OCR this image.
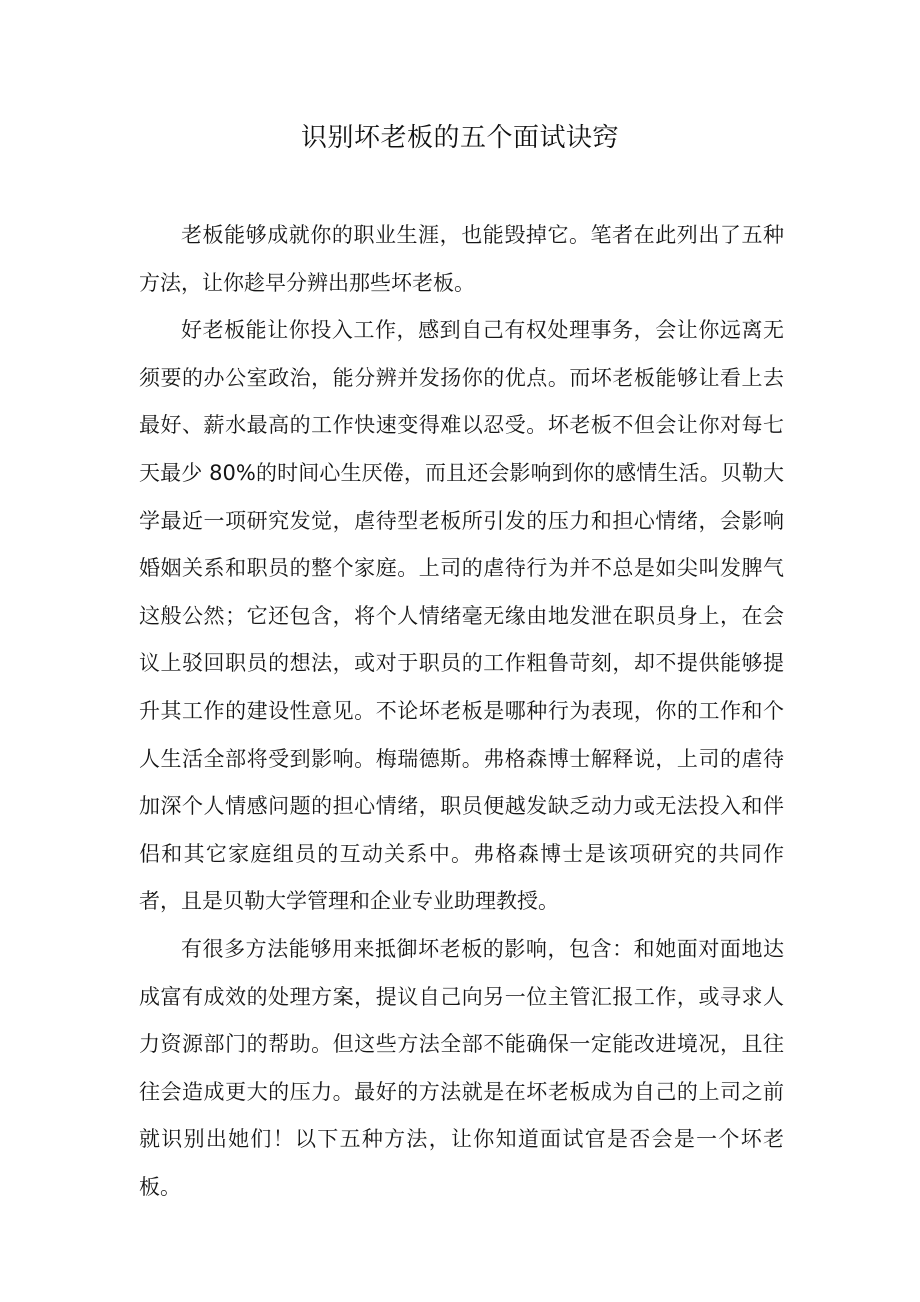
识别坏老板的五个面试诀窍

老板能够成就你的职业生涯，也能毁掉它。笔者在此列出了五种方法，让你趁早分辨出那些坏老板。

好老板能让你投入工作，感到自己有权处理事务，会让你远离无须要的办公室政治，能分辨并发扬你的优点。而坏老板能够让看上去最好、薪水最高的工作快速变得难以忍受。坏老板不但会让你对每七天最少 80%的时间心生厌倦，而且还会影响到你的感情生活。贝勒大学最近一项研究发觉，虐待型老板所引发的压力和担心情绪，会影响婚姻关系和职员的整个家庭。上司的虐待行为并不总是如尖叫发脾气这般公然；它还包含，将个人情绪毫无缘由地发泄在职员身上，在会议上驳回职员的想法，或对于职员的工作粗鲁苛刻，却不提供能够提升其工作的建设性意见。不论坏老板是哪种行为表现，你的工作和个人生活全部将受到影响。梅瑞德斯。弗格森博士解释说，上司的虐待加深个人情感问题的担心情绪，职员便越发缺乏动力或无法投入和伴侣和其它家庭组员的互动关系中。弗格森博士是该项研究的共同作者，且是贝勒大学管理和企业专业助理教授。

有很多方法能够用来抵御坏老板的影响，包含：和她面对面地达成富有成效的处理方案，提议自己向另一位主管汇报工作，或寻求人力资源部门的帮助。但这些方法全部不能确保一定能改进境况，且往往会造成更大的压力。最好的方法就是在坏老板成为自己的上司之前就识别出她们！以下五种方法，让你知道面试官是否会是一个坏老板。
